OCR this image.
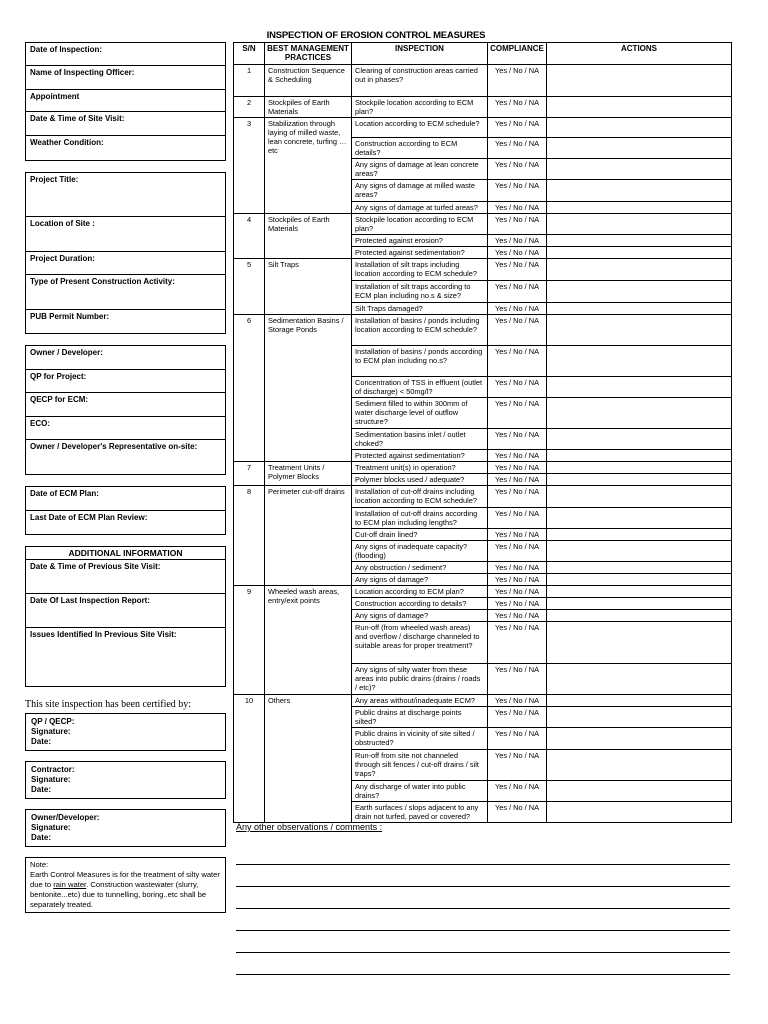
INSPECTION OF EROSION CONTROL MEASURES
Date of Inspection:
Name of Inspecting Officer:
Appointment
Date & Time of Site Visit:
Weather Condition:
Project Title:
Location of Site :
Project Duration:
Type of Present Construction Activity:
PUB Permit Number:
Owner / Developer:
QP for Project:
QECP for ECM:
ECO:
Owner / Developer's Representative on-site:
Date of ECM Plan:
Last Date of ECM Plan Review:
ADDITIONAL INFORMATION
Date & Time of Previous Site Visit:
Date Of Last Inspection Report:
Issues Identified In Previous Site Visit:
This site inspection has been certified by:
QP / QECP:
Signature:
Date:
Contractor:
Signature:
Date:
Owner/Developer:
Signature:
Date:
Note:
Earth Control Measures is for the treatment of silty water due to rain water. Construction wastewater (slurry, bentonite...etc) due to tunnelling, boring..etc shall be separately treated.
S/N	BEST MANAGEMENT PRACTICES	INSPECTION	COMPLIANCE	ACTIONS
1	Construction Sequence & Scheduling	Clearing of construction areas carried out in phases?	Yes / No / NA	
2	Stockpiles of Earth Materials	Stockpile location according to ECM plan?	Yes / No / NA	
3	Stabilization through laying of milled waste, lean concrete, turfing …etc	Location according to ECM schedule?	Yes / No / NA	
		Construction according to ECM details?	Yes / No / NA	
		Any signs of damage at lean concrete areas?	Yes / No / NA	
		Any signs of damage at milled waste areas?	Yes / No / NA	
		Any signs of damage at turfed areas?	Yes / No / NA	
4	Stockpiles of Earth Materials	Stockpile location according to ECM plan?	Yes / No / NA	
		Protected against erosion?	Yes / No / NA	
		Protected against sedimentation?	Yes / No / NA	
5	Silt Traps	Installation of silt traps including location according to ECM schedule?	Yes / No / NA	
		Installation of silt traps according to ECM plan including no.s & size?	Yes / No / NA	
		Silt Traps damaged?	Yes / No / NA	
6	Sedimentation Basins / Storage Ponds	Installation of basins / ponds including location according to ECM schedule?	Yes / No / NA	
		Installation of basins / ponds according to ECM plan including no.s?	Yes / No / NA	
		Concentration of TSS in effluent (outlet of discharge) < 50mg/l?	Yes / No / NA	
		Sediment filled to within 300mm of water discharge level of outflow structure?	Yes / No / NA	
		Sedimentation basins inlet / outlet choked?	Yes / No / NA	
		Protected against sedimentation?	Yes / No / NA	
7	Treatment Units / Polymer Blocks	Treatment unit(s) in operation?	Yes / No / NA	
		Polymer blocks used / adequate?	Yes / No / NA	
8	Perimeter cut-off drains	Installation of cut-off drains including location according to ECM schedule?	Yes / No / NA	
		Installation of cut-off drains according to ECM plan including lengths?	Yes / No / NA	
		Cut-off drain lined?	Yes / No / NA	
		Any signs of inadequate capacity? (flooding)	Yes / No / NA	
		Any obstruction / sediment?	Yes / No / NA	
		Any signs of damage?	Yes / No / NA	
9	Wheeled wash areas, entry/exit points	Location according to ECM plan?	Yes / No / NA	
		Construction according to details?	Yes / No / NA	
		Any signs of damage?	Yes / No / NA	
		Run-off (from wheeled wash areas) and overflow / discharge channeled to suitable areas for proper treatment?	Yes / No / NA	
		Any signs of silty water from these areas into public drains (drains / roads / etc)?	Yes / No / NA	
10	Others	Any areas without/inadequate ECM?	Yes / No / NA	
		Public drains at discharge points silted?	Yes / No / NA	
		Public drains in vicinity of site silted / obstructed?	Yes / No / NA	
		Run-off from site not channeled through silt fences / cut-off drains / silt traps?	Yes / No / NA	
		Any discharge of water into public drains?	Yes / No / NA	
		Earth surfaces / slops adjacent to any drain not turfed, paved or covered?	Yes / No / NA	
Any other observations / comments :
